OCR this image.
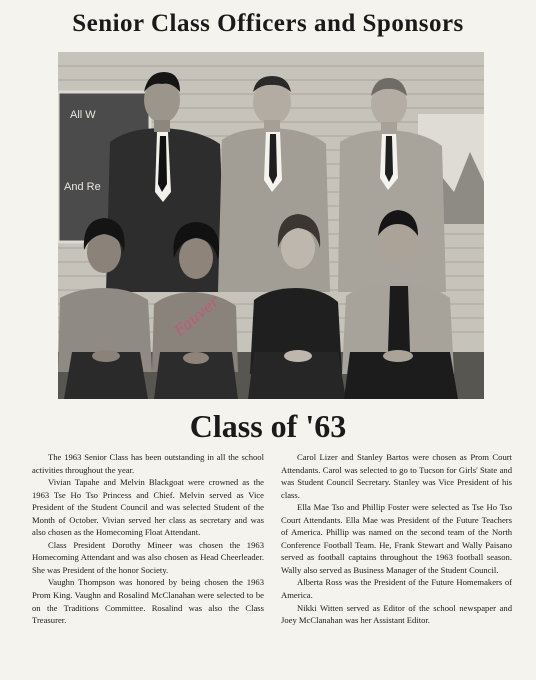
Senior Class Officers and Sponsors
All W
And Re
Fauver
Class of '63

The 1963 Senior Class has been outstanding in all the school activities throughout the year.

Vivian Tapahe and Melvin Blackgoat were crowned as the 1963 Tse Ho Tso Princess and Chief. Melvin served as Vice President of the Student Council and was selected Student of the Month of October. Vivian served her class as secretary and was also chosen as the Homecoming Float Attendant.

Class President Dorothy Mineer was chosen the 1963 Homecoming Attendant and was also chosen as Head Cheerleader. She was President of the honor Society.

Vaughn Thompson was honored by being chosen the 1963 Prom King. Vaughn and Rosalind McClanahan were selected to be on the Traditions Committee. Rosalind was also the Class Treasurer.

Carol Lizer and Stanley Bartos were chosen as Prom Court Attendants. Carol was selected to go to Tucson for Girls' State and was Student Council Secretary. Stanley was Vice President of his class.

Ella Mae Tso and Phillip Foster were selected as Tse Ho Tso Court Attendants. Ella Mae was President of the Future Teachers of America. Phillip was named on the second team of the North Conference Football Team. He, Frank Stewart and Wally Paisano served as football captains throughout the 1963 football season. Wally also served as Business Manager of the Student Council.

Alberta Ross was the President of the Future Homemakers of America.

Nikki Witten served as Editor of the school newspaper and Joey McClanahan was her Assistant Editor.
